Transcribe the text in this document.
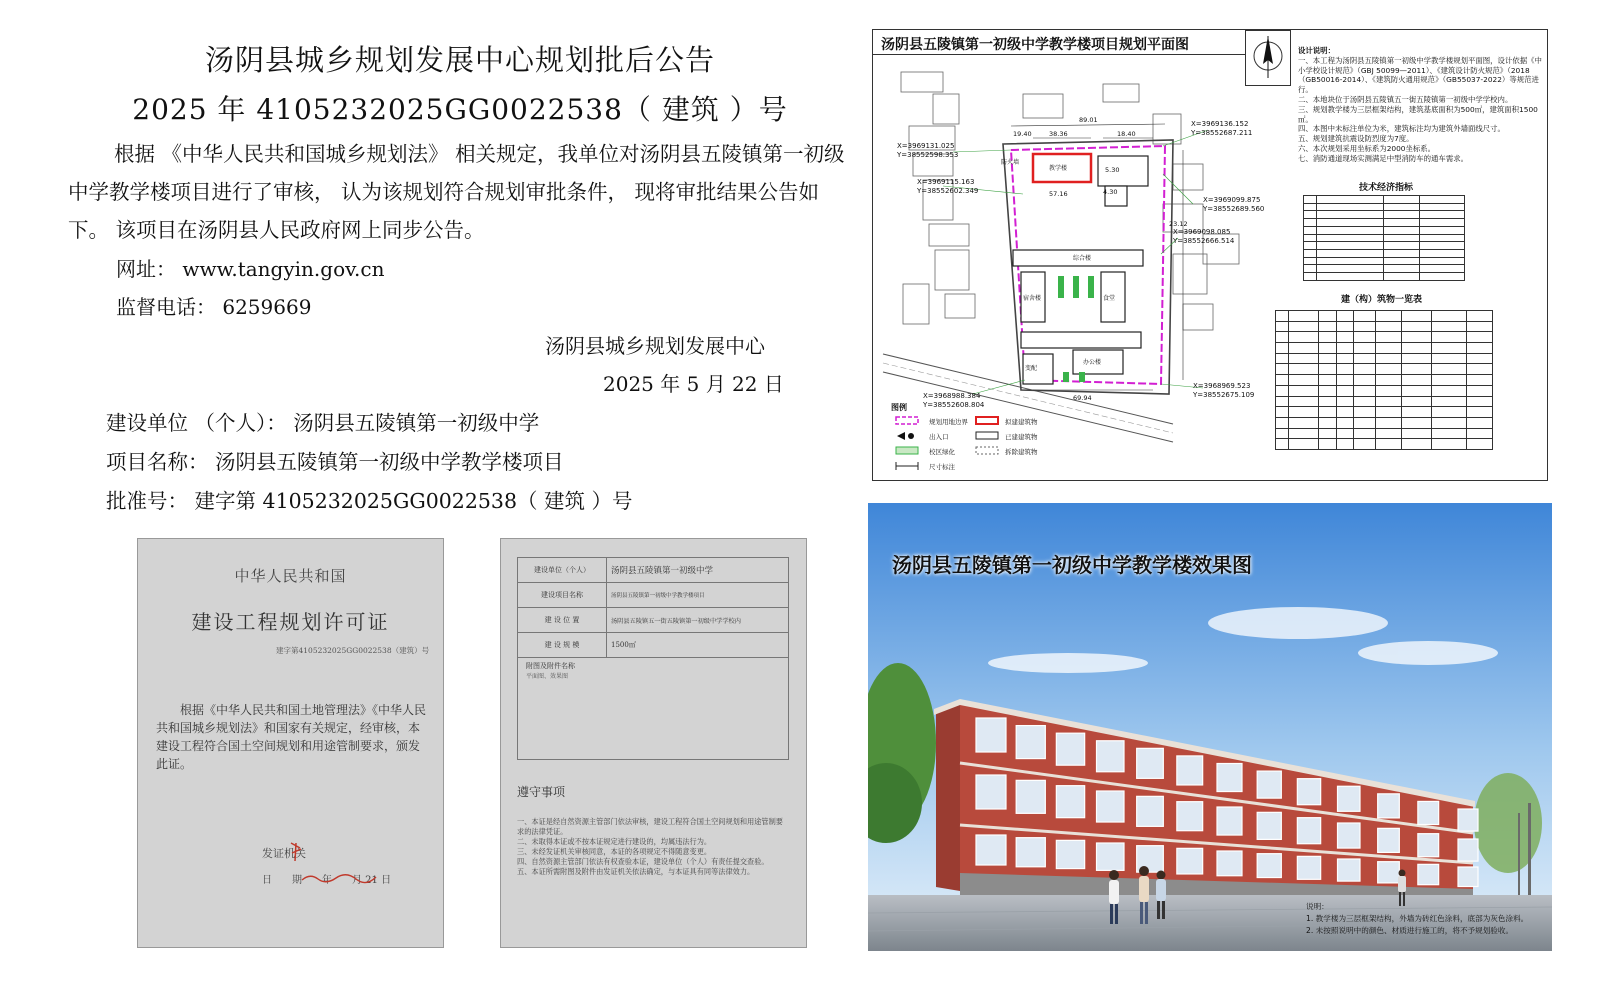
汤阴县城乡规划发展中心规划批后公告
2025 年 4105232025GG0022538（ 建筑 ）号
根据 《中华人民共和国城乡规划法》 相关规定，我单位对汤阴县五陵镇第一初级中学教学楼项目进行了审核， 认为该规划符合规划审批条件， 现将审批结果公告如下。 该项目在汤阴县人民政府网上同步公告。
网址： www.tangyin.gov.cn
监督电话： 6259669
汤阴县城乡规划发展中心
2025 年 5 月 22 日
建设单位 （个人）： 汤阴县五陵镇第一初级中学
项目名称： 汤阴县五陵镇第一初级中学教学楼项目
批准号： 建字第 4105232025GG0022538（ 建筑 ）号
中华人民共和国
建设工程规划许可证
建字第4105232025GG0022538（建筑）号
根据《中华人民共和国土地管理法》《中华人民共和国城乡规划法》和国家有关规定，经审核，本建设工程符合国土空间规划和用途管制要求，颁发此证。
发证机关
日　　期　　年　　月 21 日
建设单位（个人）	汤阴县五陵镇第一初级中学
建设项目名称	汤阴县五陵镇第一初级中学教学楼项目
建 设 位 置	汤阴县五陵镇五一街五陵镇第一初级中学学校内
建 设 规 模	1500㎡

附图及附件名称
平面图、效果图	
遵守事项
一、本证是经自然资源主管部门依法审核，建设工程符合国土空间规划和用途管制要求的法律凭证。
二、未取得本证或不按本证规定进行建设的，均属违法行为。
三、未经发证机关审核同意，本证的各项规定不得随意变更。
四、自然资源主管部门依法有权查验本证，建设单位（个人）有责任提交查验。
五、本证所需附图及附件由发证机关依法确定，与本证具有同等法律效力。
汤阴县五陵镇第一初级中学教学楼项目规划平面图
X=3969131.025
Y=38552598.353
X=3969115.163
Y=38552602.349
X=3969099.875
Y=38552689.560
X=3969098.085
Y=38552666.514
X=3968988.384
Y=38552608.804
X=3968969.523
Y=38552675.109
X=3969136.152
Y=38552687.211
89.01
38.36
19.40	18.40
57.16	4.30
5.30
23.12
69.94
教学楼
综合楼
办公楼
宿舍楼	食堂
防火墙
变配
图例
规划用地边界	拟建建筑物
出入口	已建建筑物
校区绿化	拆除建筑物
尺寸标注
设计说明：
一、本工程为汤阴县五陵镇第一初级中学教学楼规划平面图，设计依据《中小学校设计规范》（GBJ 50099—2011）、《建筑设计防火规范》（2018（GB50016-2014）、《建筑防火通用规范》（GB55037-2022）等规范进行。
二、本地块位于汤阴县五陵镇五一街五陵镇第一初级中学学校内。
三、规划教学楼为三层框架结构，建筑基底面积为500㎡，建筑面积1500㎡。
四、本图中未标注单位为米，建筑标注均为建筑外墙面线尺寸。
五、规划建筑抗震设防烈度为7度。
六、本次规划采用坐标系为2000坐标系。
七、消防通道现场实测满足中型消防车的通车需求。
技术经济指标

建（构）筑物一览表

汤阴县五陵镇第一初级中学教学楼效果图
说明：
1. 教学楼为三层框架结构，外墙为砖红色涂料，底部为灰色涂料。
2. 未按照说明中的颜色、材质进行施工的，将不予规划验收。
